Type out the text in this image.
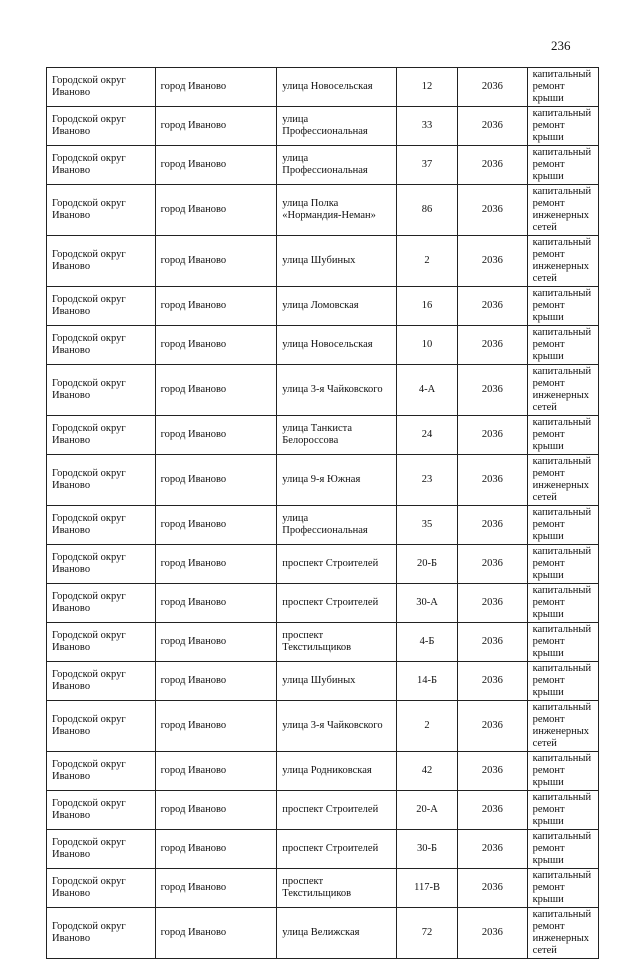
236
Городской округ Иваново	город Иваново	улица Новосельская	12	2036	капитальный ремонт крыши
Городской округ Иваново	город Иваново	улица Профессиональная	33	2036	капитальный ремонт крыши
Городской округ Иваново	город Иваново	улица Профессиональная	37	2036	капитальный ремонт крыши
Городской округ Иваново	город Иваново	улица Полка «Нормандия-Неман»	86	2036	капитальный ремонт инженерных сетей
Городской округ Иваново	город Иваново	улица Шубиных	2	2036	капитальный ремонт инженерных сетей
Городской округ Иваново	город Иваново	улица Ломовская	16	2036	капитальный ремонт крыши
Городской округ Иваново	город Иваново	улица Новосельская	10	2036	капитальный ремонт крыши
Городской округ Иваново	город Иваново	улица 3-я Чайковского	4-А	2036	капитальный ремонт инженерных сетей
Городской округ Иваново	город Иваново	улица Танкиста Белороссова	24	2036	капитальный ремонт крыши
Городской округ Иваново	город Иваново	улица 9-я Южная	23	2036	капитальный ремонт инженерных сетей
Городской округ Иваново	город Иваново	улица Профессиональная	35	2036	капитальный ремонт крыши
Городской округ Иваново	город Иваново	проспект Строителей	20-Б	2036	капитальный ремонт крыши
Городской округ Иваново	город Иваново	проспект Строителей	30-А	2036	капитальный ремонт крыши
Городской округ Иваново	город Иваново	проспект Текстильщиков	4-Б	2036	капитальный ремонт крыши
Городской округ Иваново	город Иваново	улица Шубиных	14-Б	2036	капитальный ремонт крыши
Городской округ Иваново	город Иваново	улица 3-я Чайковского	2	2036	капитальный ремонт инженерных сетей
Городской округ Иваново	город Иваново	улица Родниковская	42	2036	капитальный ремонт крыши
Городской округ Иваново	город Иваново	проспект Строителей	20-А	2036	капитальный ремонт крыши
Городской округ Иваново	город Иваново	проспект Строителей	30-Б	2036	капитальный ремонт крыши
Городской округ Иваново	город Иваново	проспект Текстильщиков	117-В	2036	капитальный ремонт крыши
Городской округ Иваново	город Иваново	улица Велижская	72	2036	капитальный ремонт инженерных сетей
